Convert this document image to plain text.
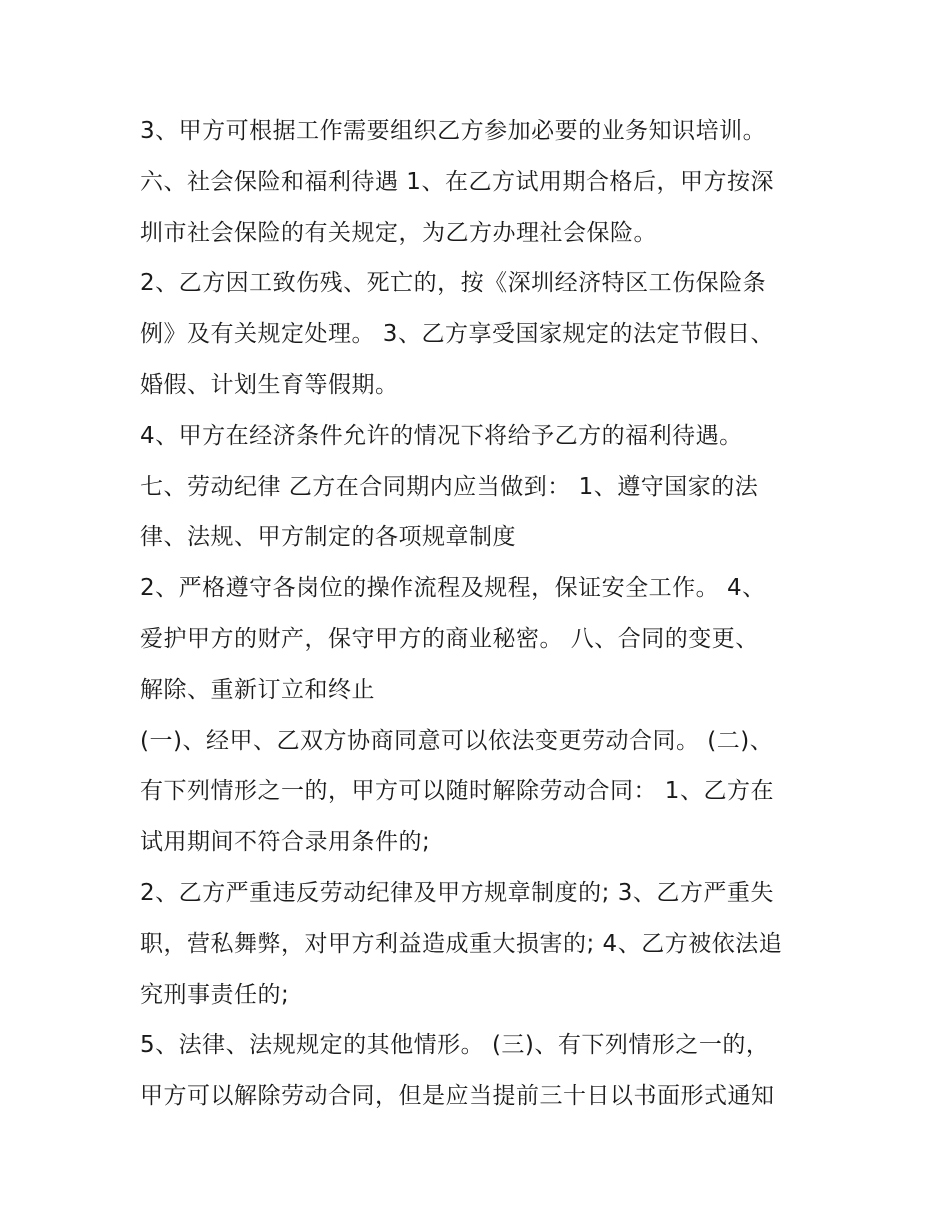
3、甲方可根据工作需要组织乙方参加必要的业务知识培训。
六、社会保险和福利待遇 1、在乙方试用期合格后，甲方按深
圳市社会保险的有关规定，为乙方办理社会保险。
2、乙方因工致伤残、死亡的，按《深圳经济特区工伤保险条
例》及有关规定处理。 3、乙方享受国家规定的法定节假日、
婚假、计划生育等假期。
4、甲方在经济条件允许的情况下将给予乙方的福利待遇。
七、劳动纪律 乙方在合同期内应当做到： 1、遵守国家的法
律、法规、甲方制定的各项规章制度
2、严格遵守各岗位的操作流程及规程，保证安全工作。 4、
爱护甲方的财产，保守甲方的商业秘密。 八、合同的变更、
解除、重新订立和终止
(一)、经甲、乙双方协商同意可以依法变更劳动合同。 (二)、
有下列情形之一的，甲方可以随时解除劳动合同： 1、乙方在
试用期间不符合录用条件的;
2、乙方严重违反劳动纪律及甲方规章制度的; 3、乙方严重失
职，营私舞弊，对甲方利益造成重大损害的; 4、乙方被依法追
究刑事责任的;
5、法律、法规规定的其他情形。 (三)、有下列情形之一的，
甲方可以解除劳动合同，但是应当提前三十日以书面形式通知
